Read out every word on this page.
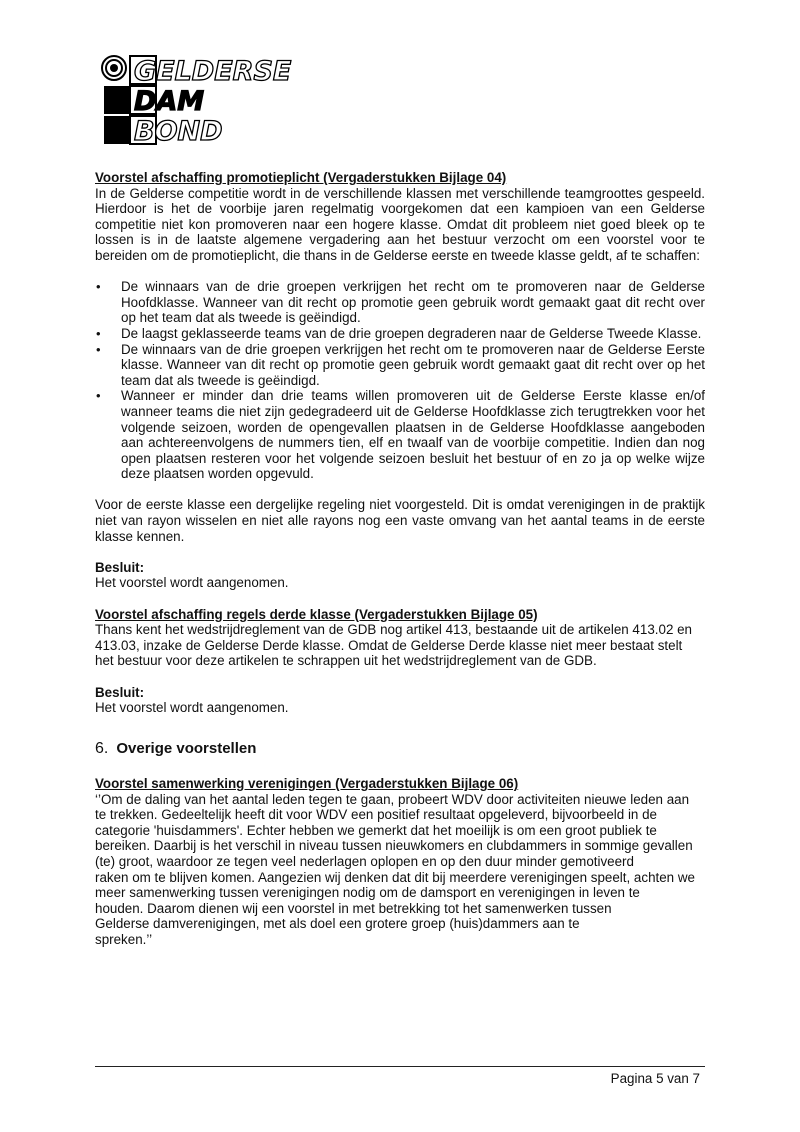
GELDERSE
DAM
BOND

Voorstel afschaffing promotieplicht (Vergaderstukken Bijlage 04)

In de Gelderse competitie wordt in de verschillende klassen met verschillende teamgroottes gespeeld. Hierdoor is het de voorbije jaren regelmatig voorgekomen dat een kampioen van een Gelderse competitie niet kon promoveren naar een hogere klasse. Omdat dit probleem niet goed bleek op te lossen is in de laatste algemene vergadering aan het bestuur verzocht om een voorstel voor te bereiden om de promotieplicht, die thans in de Gelderse eerste en tweede klasse geldt, af te schaffen:

• De winnaars van de drie groepen verkrijgen het recht om te promoveren naar de Gelderse Hoofdklasse. Wanneer van dit recht op promotie geen gebruik wordt gemaakt gaat dit recht over op het team dat als tweede is geëindigd.
• De laagst geklasseerde teams van de drie groepen degraderen naar de Gelderse Tweede Klasse.
• De winnaars van de drie groepen verkrijgen het recht om te promoveren naar de Gelderse Eerste klasse. Wanneer van dit recht op promotie geen gebruik wordt gemaakt gaat dit recht over op het team dat als tweede is geëindigd.
• Wanneer er minder dan drie teams willen promoveren uit de Gelderse Eerste klasse en/of wanneer teams die niet zijn gedegradeerd uit de Gelderse Hoofdklasse zich terugtrekken voor het volgende seizoen, worden de opengevallen plaatsen in de Gelderse Hoofdklasse aangeboden aan achtereenvolgens de nummers tien, elf en twaalf van de voorbije competitie. Indien dan nog open plaatsen resteren voor het volgende seizoen besluit het bestuur of en zo ja op welke wijze deze plaatsen worden opgevuld.

Voor de eerste klasse een dergelijke regeling niet voorgesteld. Dit is omdat verenigingen in de praktijk niet van rayon wisselen en niet alle rayons nog een vaste omvang van het aantal teams in de eerste klasse kennen.

Besluit:

Het voorstel wordt aangenomen.

Voorstel afschaffing regels derde klasse (Vergaderstukken Bijlage 05)

Thans kent het wedstrijdreglement van de GDB nog artikel 413, bestaande uit de artikelen 413.02 en

413.03, inzake de Gelderse Derde klasse. Omdat de Gelderse Derde klasse niet meer bestaat stelt

het bestuur voor deze artikelen te schrappen uit het wedstrijdreglement van de GDB.

Besluit:

Het voorstel wordt aangenomen.

6. Overige voorstellen

Voorstel samenwerking verenigingen (Vergaderstukken Bijlage 06)

‘’Om de daling van het aantal leden tegen te gaan, probeert WDV door activiteiten nieuwe leden aan

te trekken. Gedeeltelijk heeft dit voor WDV een positief resultaat opgeleverd, bijvoorbeeld in de

categorie 'huisdammers'. Echter hebben we gemerkt dat het moeilijk is om een groot publiek te

bereiken. Daarbij is het verschil in niveau tussen nieuwkomers en clubdammers in sommige gevallen

(te) groot, waardoor ze tegen veel nederlagen oplopen en op den duur minder gemotiveerd

raken om te blijven komen. Aangezien wij denken dat dit bij meerdere verenigingen speelt, achten we

meer samenwerking tussen verenigingen nodig om de damsport en verenigingen in leven te

houden. Daarom dienen wij een voorstel in met betrekking tot het samenwerken tussen

Gelderse damverenigingen, met als doel een grotere groep (huis)dammers aan te

spreken.’’

Pagina 5 van 7
